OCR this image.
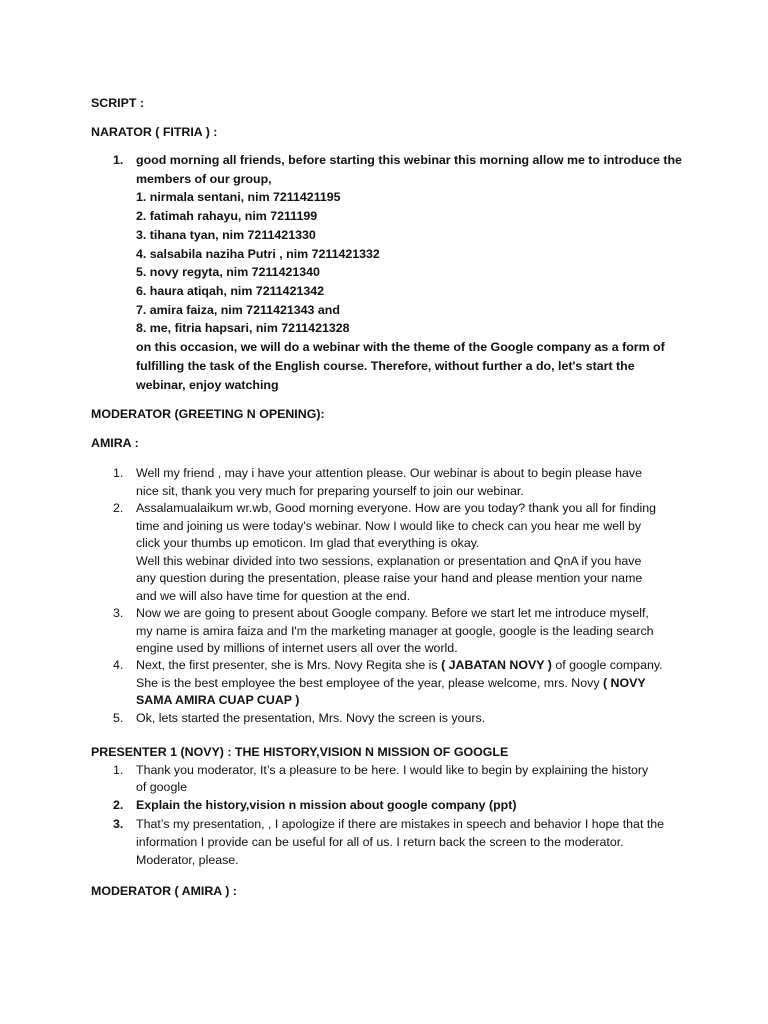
SCRIPT :
NARATOR ( FITRIA ) :
1. good morning all friends, before starting this webinar this morning allow me to introduce the
members of our group,
1. nirmala sentani, nim 7211421195
2. fatimah rahayu, nim 7211199
3. tihana tyan, nim 7211421330
4. salsabila naziha Putri , nim 7211421332
5. novy regyta, nim 7211421340
6. haura atiqah, nim 7211421342
7. amira faiza, nim 7211421343 and
8. me, fitria hapsari, nim 7211421328
on this occasion, we will do a webinar with the theme of the Google company as a form of
fulfilling the task of the English course. Therefore, without further a do, let's start the
webinar, enjoy watching
MODERATOR (GREETING N OPENING):
AMIRA :
1. Well my friend , may i have your attention please. Our webinar is about to begin please have
nice sit, thank you very much for preparing yourself to join our webinar.
2. Assalamualaikum wr.wb, Good morning everyone. How are you today? thank you all for finding
time and joining us were today's webinar. Now I would like to check can you hear me well by
click your thumbs up emoticon. Im glad that everything is okay.
Well this webinar divided into two sessions, explanation or presentation and QnA if you have
any question during the presentation, please raise your hand and please mention your name
and we will also have time for question at the end.
3. Now we are going to present about Google company. Before we start let me introduce myself,
my name is amira faiza and I'm the marketing manager at google, google is the leading search
engine used by millions of internet users all over the world.
4. Next, the first presenter, she is Mrs. Novy Regita she is ( JABATAN NOVY ) of google company.
She is the best employee the best employee of the year, please welcome, mrs. Novy ( NOVY
SAMA AMIRA CUAP CUAP )
5. Ok, lets started the presentation, Mrs. Novy the screen is yours.
PRESENTER 1 (NOVY) : THE HISTORY,VISION N MISSION OF GOOGLE
1. Thank you moderator, It’s a pleasure to be here. I would like to begin by explaining the history
of google
2. Explain the history,vision n mission about google company (ppt)
3. That’s my presentation, , I apologize if there are mistakes in speech and behavior I hope that the
information I provide can be useful for all of us. I return back the screen to the moderator.
Moderator, please.
MODERATOR ( AMIRA ) :
